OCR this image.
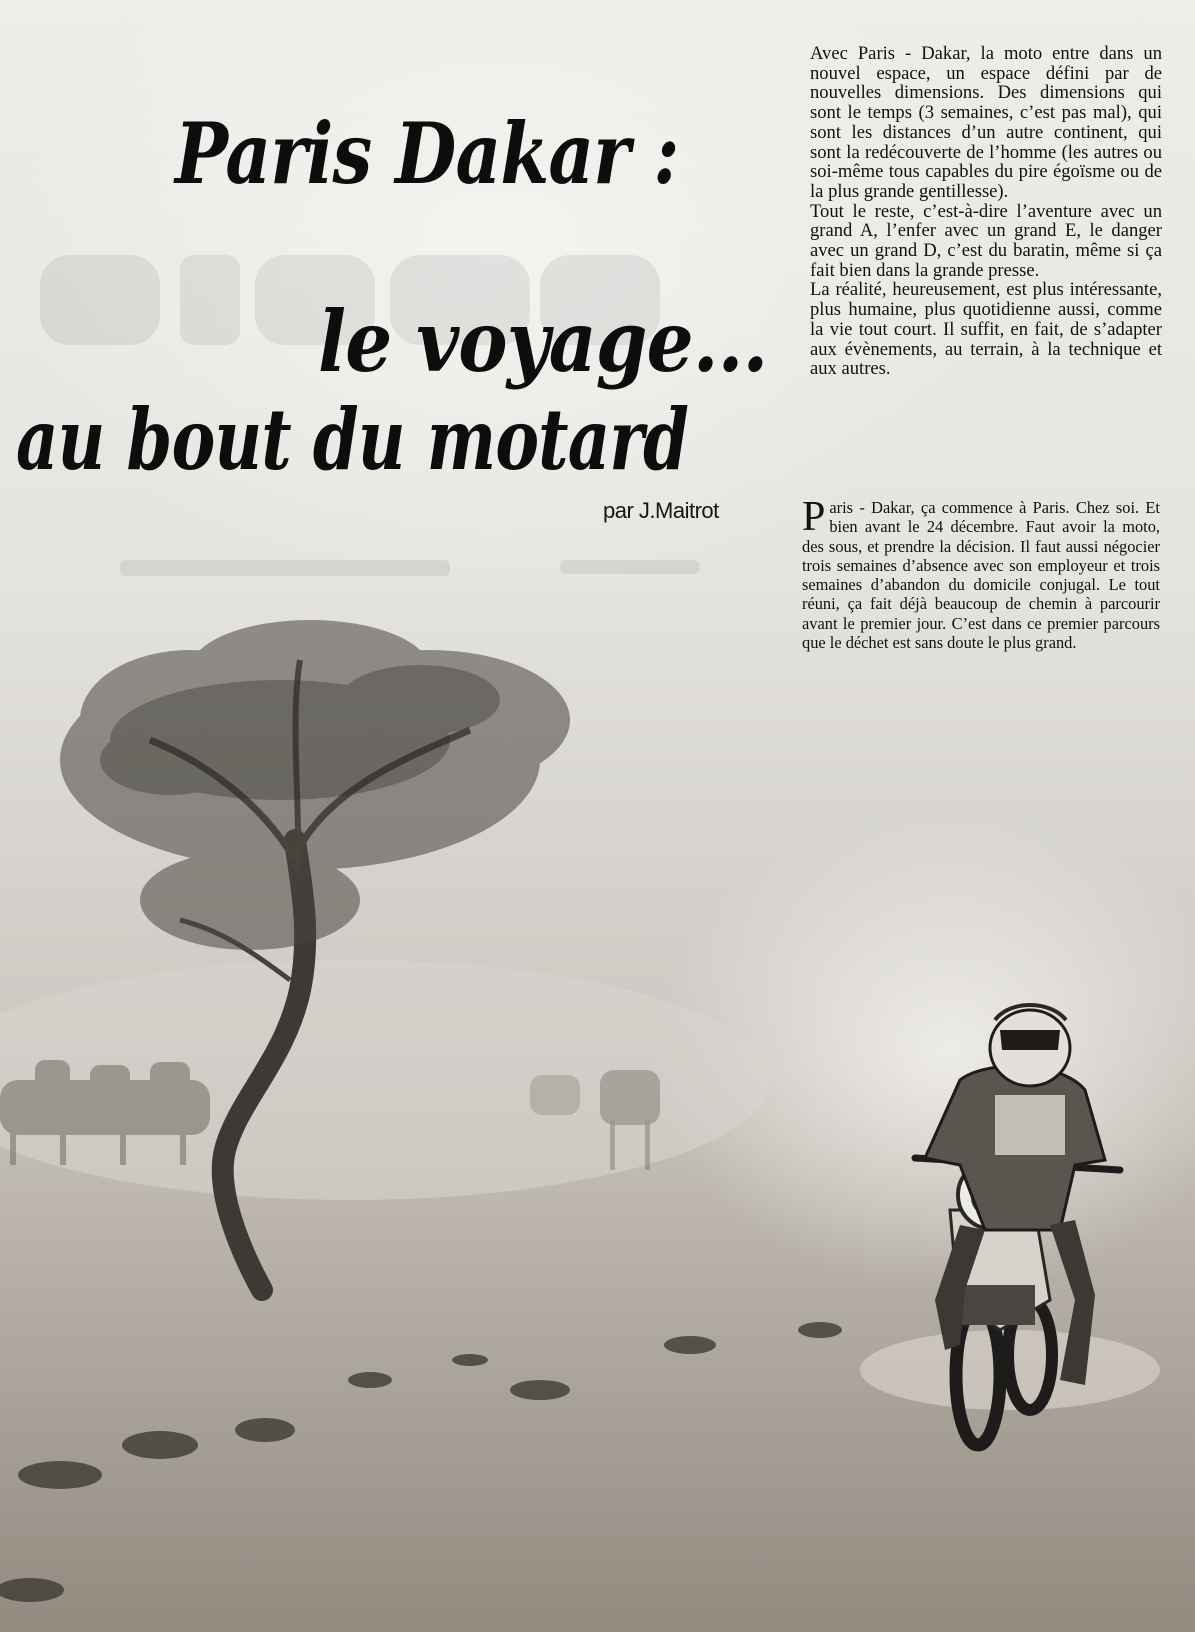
Paris Dakar :
le voyage...
au bout du motard
par J.Maitrot

Avec Paris - Dakar, la moto entre dans un nouvel espace, un espace défini par de nouvelles dimensions. Des dimensions qui sont le temps (3 semaines, c’est pas mal), qui sont les distances d’un autre continent, qui sont la redécouverte de l’homme (les autres ou soi-même tous capables du pire égoïsme ou de la plus grande gentillesse).

Tout le reste, c’est-à-dire l’aventure avec un grand A, l’enfer avec un grand E, le danger avec un grand D, c’est du baratin, même si ça fait bien dans la grande presse.

La réalité, heureusement, est plus intéressante, plus humaine, plus quotidienne aussi, comme la vie tout court. Il suffit, en fait, de s’adapter aux évènements, au terrain, à la technique et aux autres.

Paris - Dakar, ça commence à Paris. Chez soi. Et bien avant le 24 décembre. Faut avoir la moto, des sous, et prendre la décision. Il faut aussi négocier trois semaines d’absence avec son employeur et trois semaines d’abandon du domicile conjugal. Le tout réuni, ça fait déjà beaucoup de chemin à parcourir avant le premier jour. C’est dans ce premier parcours que le déchet est sans doute le plus grand.
